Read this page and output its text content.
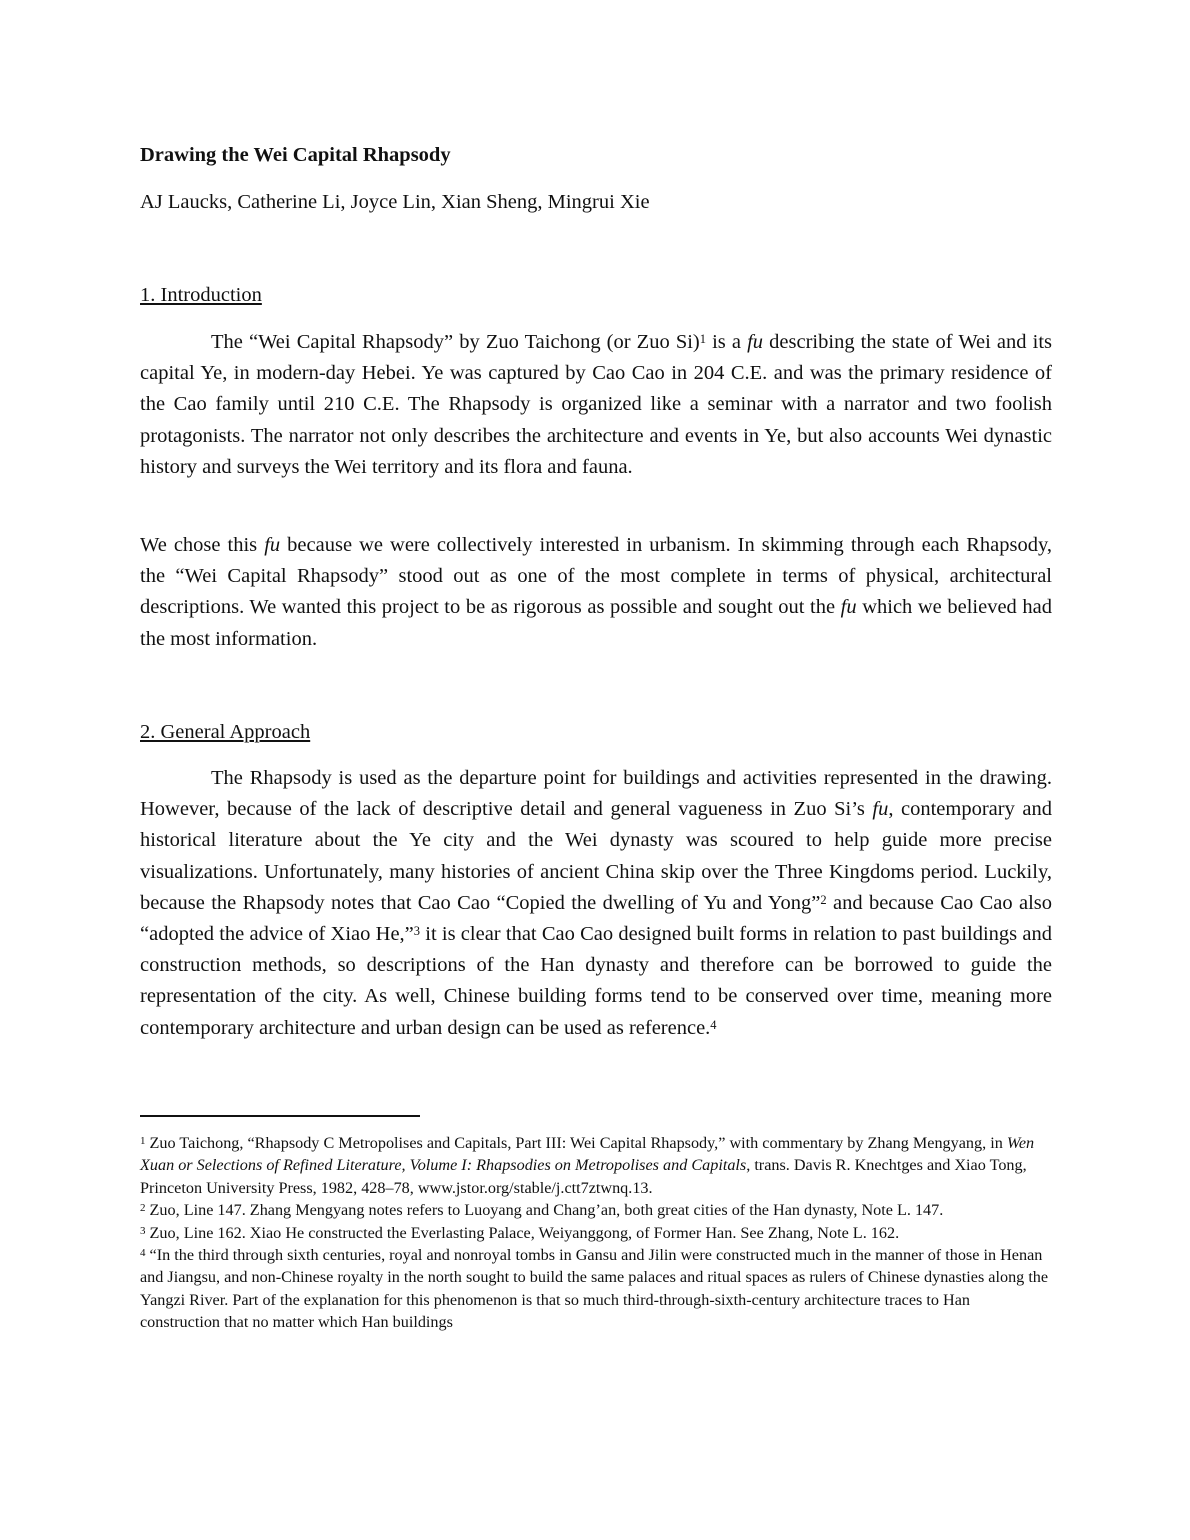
Drawing the Wei Capital Rhapsody
AJ Laucks, Catherine Li, Joyce Lin, Xian Sheng, Mingrui Xie
1. Introduction

The “Wei Capital Rhapsody” by Zuo Taichong (or Zuo Si)$^1$ is a fu describing the state of Wei and its capital Ye, in modern-day Hebei. Ye was captured by Cao Cao in 204 C.E. and was the primary residence of the Cao family until 210 C.E. The Rhapsody is organized like a seminar with a narrator and two foolish protagonists. The narrator not only describes the architecture and events in Ye, but also accounts Wei dynastic history and surveys the Wei territory and its flora and fauna.

We chose this fu because we were collectively interested in urbanism. In skimming through each Rhapsody, the “Wei Capital Rhapsody” stood out as one of the most complete in terms of physical, architectural descriptions. We wanted this project to be as rigorous as possible and sought out the fu which we believed had the most information.

2. General Approach

The Rhapsody is used as the departure point for buildings and activities represented in the drawing. However, because of the lack of descriptive detail and general vagueness in Zuo Si’s fu, contemporary and historical literature about the Ye city and the Wei dynasty was scoured to help guide more precise visualizations. Unfortunately, many histories of ancient China skip over the Three Kingdoms period. Luckily, because the Rhapsody notes that Cao Cao “Copied the dwelling of Yu and Yong”$^2$ and because Cao Cao also “adopted the advice of Xiao He,”$^3$ it is clear that Cao Cao designed built forms in relation to past buildings and construction methods, so descriptions of the Han dynasty and therefore can be borrowed to guide the representation of the city. As well, Chinese building forms tend to be conserved over time, meaning more contemporary architecture and urban design can be used as reference.$^4$

$^1$ Zuo Taichong, “Rhapsody C Metropolises and Capitals, Part III: Wei Capital Rhapsody,” with commentary by Zhang Mengyang, in Wen Xuan or Selections of Refined Literature, Volume I: Rhapsodies on Metropolises and Capitals, trans. Davis R. Knechtges and Xiao Tong, Princeton University Press, 1982, 428–78, www.jstor.org/stable/j.ctt7ztwnq.13.

$^2$ Zuo, Line 147. Zhang Mengyang notes refers to Luoyang and Chang’an, both great cities of the Han dynasty, Note L. 147.

$^3$ Zuo, Line 162. Xiao He constructed the Everlasting Palace, Weiyanggong, of Former Han. See Zhang, Note L. 162.

$^4$ “In the third through sixth centuries, royal and nonroyal tombs in Gansu and Jilin were constructed much in the manner of those in Henan and Jiangsu, and non-Chinese royalty in the north sought to build the same palaces and ritual spaces as rulers of Chinese dynasties along the Yangzi River. Part of the explanation for this phenomenon is that so much third-through-sixth-century architecture traces to Han construction that no matter which Han buildings
